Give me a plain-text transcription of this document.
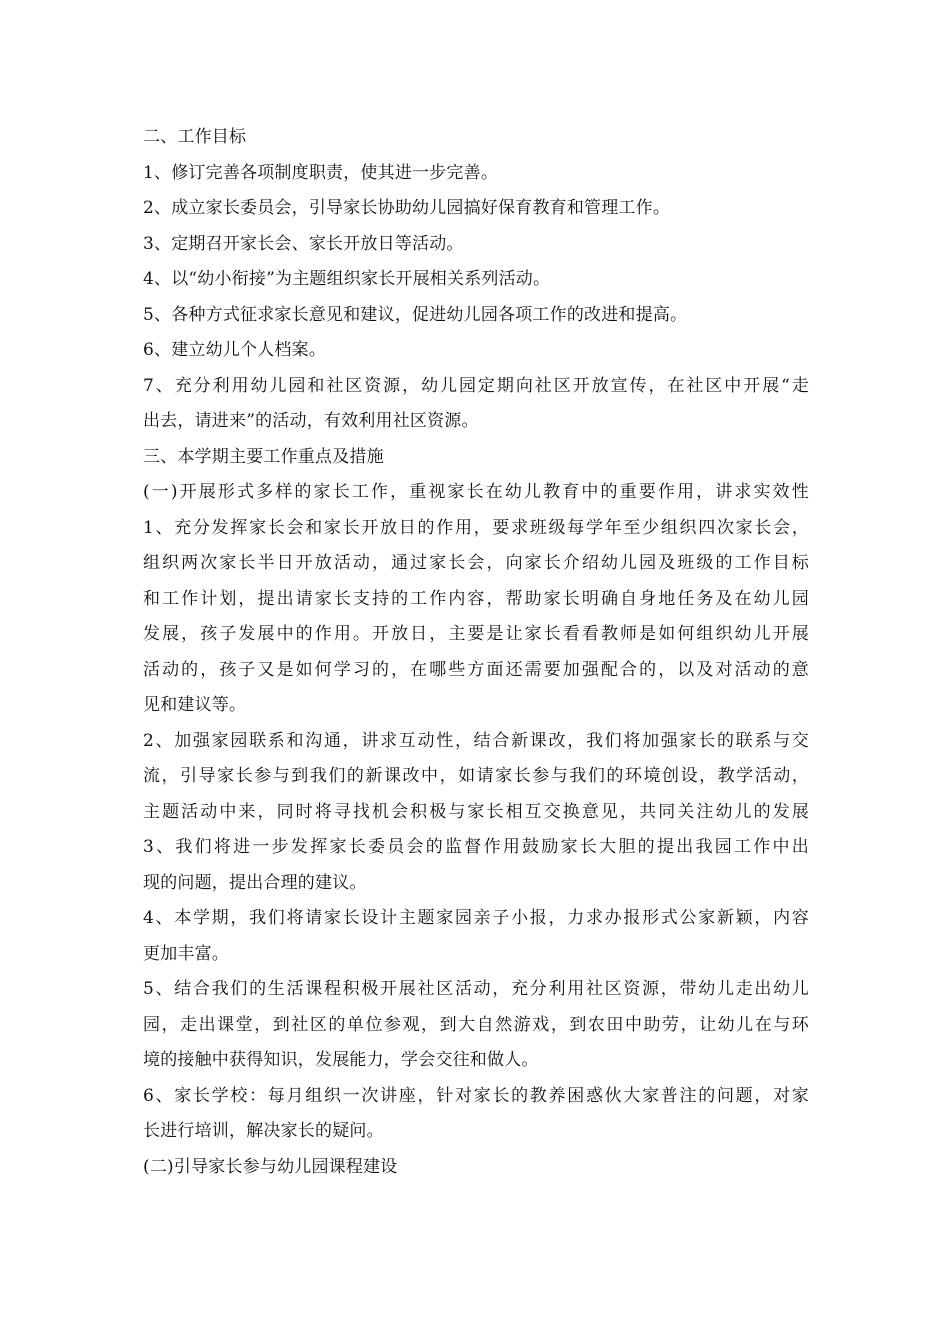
二、工作目标
1、修订完善各项制度职责，使其进一步完善。
2、成立家长委员会，引导家长协助幼儿园搞好保育教育和管理工作。
3、定期召开家长会、家长开放日等活动。
4、以“幼小衔接”为主题组织家长开展相关系列活动。
5、各种方式征求家长意见和建议，促进幼儿园各项工作的改进和提高。
6、建立幼儿个人档案。
7、充分利用幼儿园和社区资源，幼儿园定期向社区开放宣传，在社区中开展“走
出去，请进来”的活动，有效利用社区资源。
三、本学期主要工作重点及措施
(一)开展形式多样的家长工作，重视家长在幼儿教育中的重要作用，讲求实效性
1、充分发挥家长会和家长开放日的作用，要求班级每学年至少组织四次家长会，
组织两次家长半日开放活动，通过家长会，向家长介绍幼儿园及班级的工作目标
和工作计划，提出请家长支持的工作内容，帮助家长明确自身地任务及在幼儿园
发展，孩子发展中的作用。开放日，主要是让家长看看教师是如何组织幼儿开展
活动的，孩子又是如何学习的，在哪些方面还需要加强配合的，以及对活动的意
见和建议等。
2、加强家园联系和沟通，讲求互动性，结合新课改，我们将加强家长的联系与交
流，引导家长参与到我们的新课改中，如请家长参与我们的环境创设，教学活动，
主题活动中来，同时将寻找机会积极与家长相互交换意见，共同关注幼儿的发展
3、我们将进一步发挥家长委员会的监督作用鼓励家长大胆的提出我园工作中出
现的问题，提出合理的建议。
4、本学期，我们将请家长设计主题家园亲子小报，力求办报形式公家新颖，内容
更加丰富。
5、结合我们的生活课程积极开展社区活动，充分利用社区资源，带幼儿走出幼儿
园，走出课堂，到社区的单位参观，到大自然游戏，到农田中助劳，让幼儿在与环
境的接触中获得知识，发展能力，学会交往和做人。
6、家长学校：每月组织一次讲座，针对家长的教养困惑伙大家普注的问题，对家
长进行培训，解决家长的疑问。
(二)引导家长参与幼儿园课程建设
